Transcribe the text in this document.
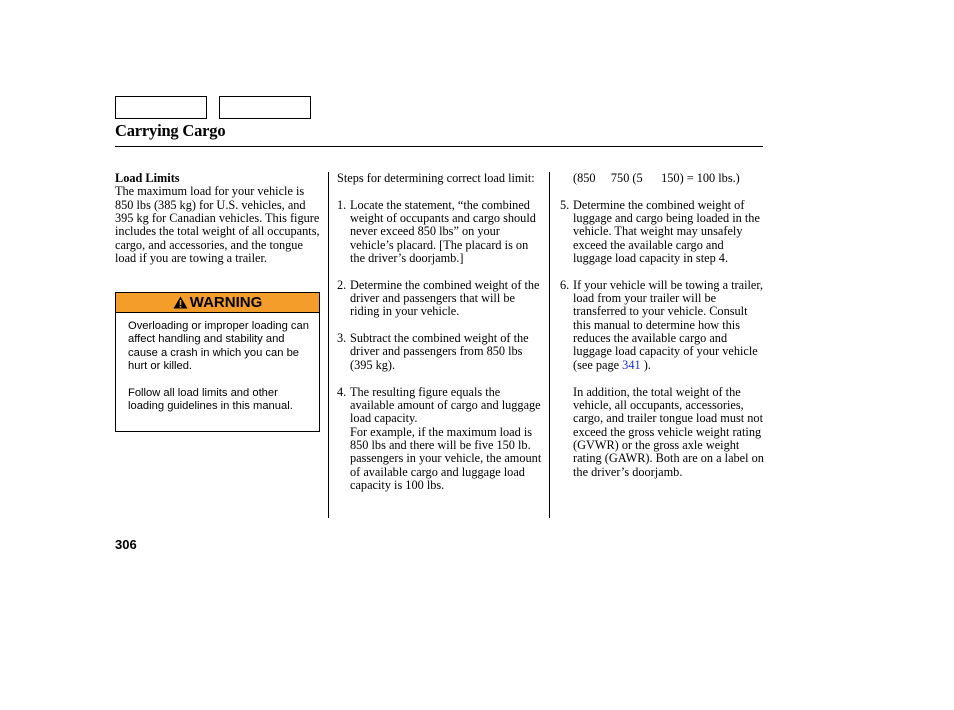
Carrying Cargo

Load Limits

The maximum load for your vehicle is 850 lbs (385 kg) for U.S. vehicles, and 395 kg for Canadian vehicles. This figure includes the total weight of all occupants, cargo, and accessories, and the tongue load if you are towing a trailer.

WARNING

Overloading or improper loading can affect handling and stability and cause a crash in which you can be hurt or killed.

Follow all load limits and other loading guidelines in this manual.

Steps for determining correct load limit:

1. Locate the statement, “the combined weight of occupants and cargo should never exceed 850 lbs” on your vehicle’s placard. [The placard is on the driver’s doorjamb.]
2. Determine the combined weight of the driver and passengers that will be riding in your vehicle.
3. Subtract the combined weight of the driver and passengers from 850 lbs (395 kg).
4. The resulting figure equals the available amount of cargo and luggage load capacity.
For example, if the maximum load is 850 lbs and there will be five 150 lb. passengers in your vehicle, the amount of available cargo and luggage load capacity is 100 lbs.

(850     750 (5      150) = 100 lbs.)

5. Determine the combined weight of luggage and cargo being loaded in the vehicle. That weight may unsafely exceed the available cargo and luggage load capacity in step 4.
6. If your vehicle will be towing a trailer, load from your trailer will be transferred to your vehicle. Consult this manual to determine how this reduces the available cargo and luggage load capacity of your vehicle (see page 341 ).

In addition, the total weight of the vehicle, all occupants, accessories, cargo, and trailer tongue load must not exceed the gross vehicle weight rating (GVWR) or the gross axle weight rating (GAWR). Both are on a label on the driver’s doorjamb.

306
